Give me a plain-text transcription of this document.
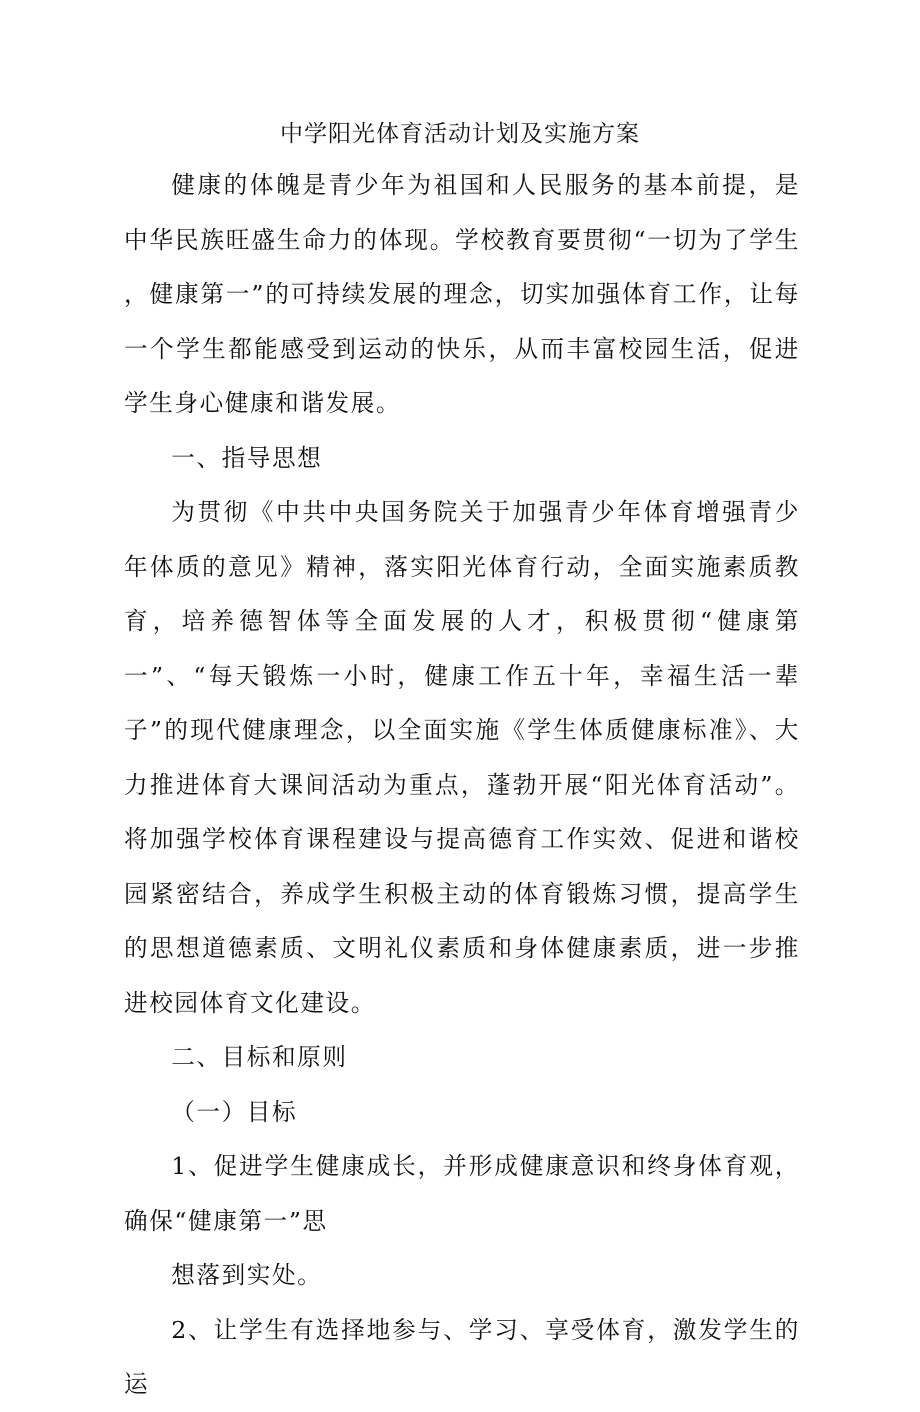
中学阳光体育活动计划及实施方案

健康的体魄是青少年为祖国和人民服务的基本前提，是中华民族旺盛生命力的体现。学校教育要贯彻“一切为了学生 ，健康第一”的可持续发展的理念，切实加强体育工作，让每一个学生都能感受到运动的快乐，从而丰富校园生活，促进学生身心健康和谐发展。

一、指导思想

为贯彻《中共中央国务院关于加强青少年体育增强青少年体质的意见》精神，落实阳光体育行动，全面实施素质教育，培养德智体等全面发展的人才，积极贯彻“健康第一”、“每天锻炼一小时，健康工作五十年，幸福生活一辈子”的现代健康理念，以全面实施《学生体质健康标准》、大力推进体育大课间活动为重点，蓬勃开展“阳光体育活动”。将加强学校体育课程建设与提高德育工作实效、促进和谐校园紧密结合，养成学生积极主动的体育锻炼习惯，提高学生的思想道德素质、文明礼仪素质和身体健康素质，进一步推进校园体育文化建设。

二、目标和原则

（一）目标

1、促进学生健康成长，并形成健康意识和终身体育观，确保“健康第一”思

想落到实处。

2、让学生有选择地参与、学习、享受体育，激发学生的运
